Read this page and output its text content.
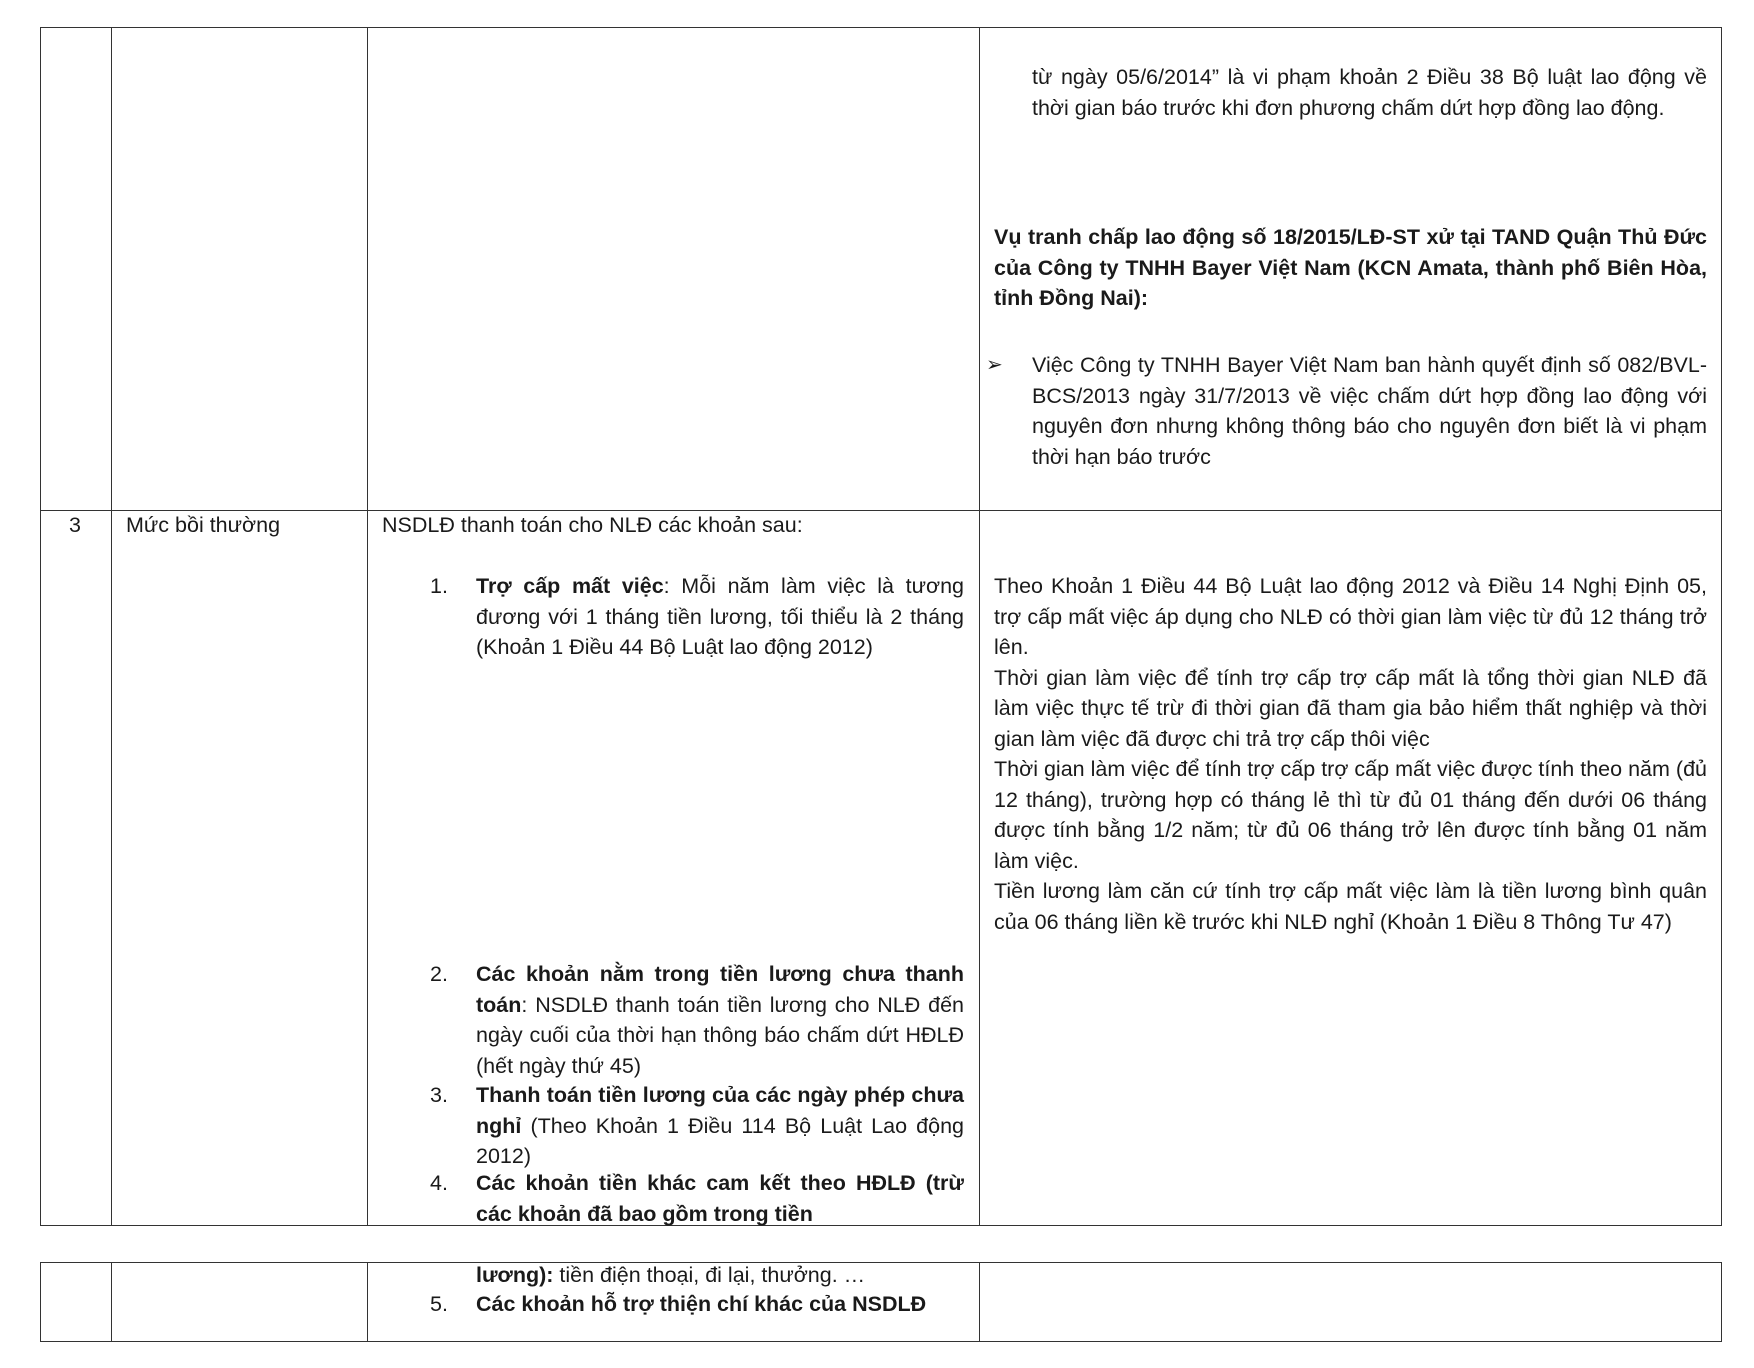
từ ngày 05/6/2014” là vi phạm khoản 2 Điều 38 Bộ luật lao động về thời gian báo trước khi đơn phương chấm dứt hợp đồng lao động.

Vụ tranh chấp lao động số 18/2015/LĐ-ST xử tại TAND Quận Thủ Đức của Công ty TNHH Bayer Việt Nam (KCN Amata, thành phố Biên Hòa, tỉnh Đồng Nai):

➢ Việc Công ty TNHH Bayer Việt Nam ban hành quyết định số 082/BVL-BCS/2013 ngày 31/7/2013 về việc chấm dứt hợp đồng lao động với nguyên đơn nhưng không thông báo cho nguyên đơn biết là vi phạm thời hạn báo trước

3 Mức bồi thường	NSDLĐ thanh toán cho NLĐ các khoản sau:
1. Trợ cấp mất việc: Mỗi năm làm việc là tương đương với 1 tháng tiền lương, tối thiểu là 2 tháng (Khoản 1 Điều 44 Bộ Luật lao động 2012)

2. Các khoản nằm trong tiền lương chưa thanh toán: NSDLĐ thanh toán tiền lương cho NLĐ đến ngày cuối của thời hạn thông báo chấm dứt HĐLĐ (hết ngày thứ 45)

3. Thanh toán tiền lương của các ngày phép chưa nghỉ (Theo Khoản 1 Điều 114 Bộ Luật Lao động 2012)

4. Các khoản tiền khác cam kết theo HĐLĐ (trừ các khoản đã bao gồm trong tiền

Theo Khoản 1 Điều 44 Bộ Luật lao động 2012 và Điều 14 Nghị Định 05, trợ cấp mất việc áp dụng cho NLĐ có thời gian làm việc từ đủ 12 tháng trở lên.

Thời gian làm việc để tính trợ cấp trợ cấp mất là tổng thời gian NLĐ đã làm việc thực tế trừ đi thời gian đã tham gia bảo hiểm thất nghiệp và thời gian làm việc đã được chi trả trợ cấp thôi việc

Thời gian làm việc để tính trợ cấp trợ cấp mất việc được tính theo năm (đủ 12 tháng), trường hợp có tháng lẻ thì từ đủ 01 tháng đến dưới 06 tháng được tính bằng 1/2 năm; từ đủ 06 tháng trở lên được tính bằng 01 năm làm việc.

Tiền lương làm căn cứ tính trợ cấp mất việc làm là tiền lương bình quân của 06 tháng liền kề trước khi NLĐ nghỉ (Khoản 1 Điều 8 Thông Tư 47)

lương): tiền điện thoại, đi lại, thưởng. …

5. Các khoản hỗ trợ thiện chí khác của NSDLĐ
